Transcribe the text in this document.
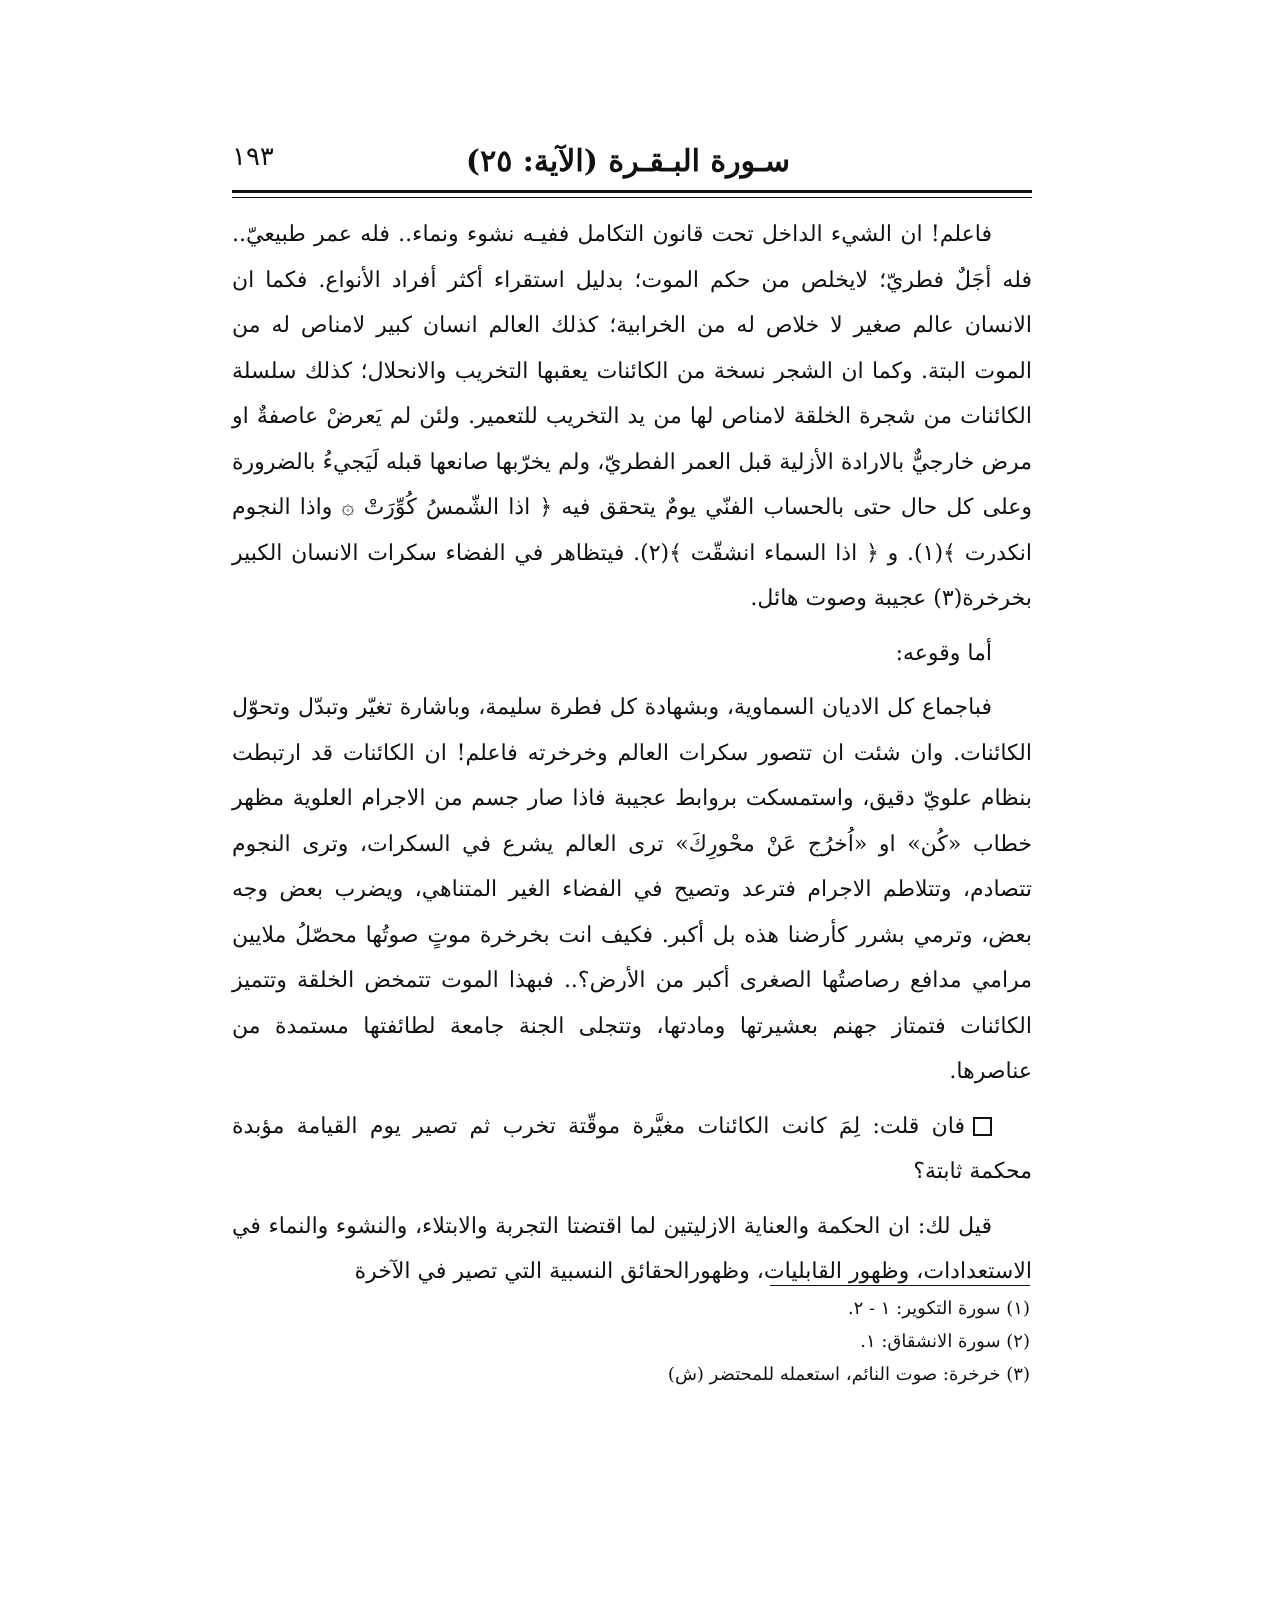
١٩٣	سـورة البـقـرة (الآية: ٢٥)

فاعلم! ان الشيء الداخل تحت قانون التكامل ففيـه نشوء ونماء.. فله عمر طبيعيّ.. فله أجَلٌ فطريّ؛ لايخلص من حكم الموت؛ بدليل استقراء أكثر أفراد الأنواع. فكما ان الانسان عالم صغير لا خلاص له من الخرابية؛ كذلك العالم انسان كبير لامناص له من الموت البتة. وكما ان الشجر نسخة من الكائنات يعقبها التخريب والانحلال؛ كذلك سلسلة الكائنات من شجرة الخلقة لامناص لها من يد التخريب للتعمير. ولئن لم يَعرضْ عاصفةٌ او مرض خارجيٌّ بالارادة الأزلية قبل العمر الفطريّ، ولم يخرّبها صانعها قبله لَيَجيءُ بالضرورة وعلى كل حال حتى بالحساب الفنّي يومٌ يتحقق فيه ﴿ اذا الشّمسُ كُوِّرَتْ ۞ واذا النجوم انكدرت ﴾(١). و ﴿ اذا السماء انشقّت ﴾(٢). فيتظاهر في الفضاء سكرات الانسان الكبير بخرخرة(٣) عجيبة وصوت هائل.

أما وقوعه:

فباجماع كل الاديان السماوية، وبشهادة كل فطرة سليمة، وباشارة تغيّر وتبدّل وتحوّل الكائنات. وان شئت ان تتصور سكرات العالم وخرخرته فاعلم! ان الكائنات قد ارتبطت بنظام علويّ دقيق، واستمسكت بروابط عجيبة فاذا صار جسم من الاجرام العلوية مظهر خطاب «كُن» او «اُخرُج عَنْ محْورِكَ» ترى العالم يشرع في السكرات، وترى النجوم تتصادم، وتتلاطم الاجرام فترعد وتصيح في الفضاء الغير المتناهي، ويضرب بعض وجه بعض، وترمي بشرر كأرضنا هذه بل أكبر. فكيف انت بخرخرة موتٍ صوتُها محصّلُ ملايين مرامي مدافع رصاصتُها الصغرى أكبر من الأرض؟.. فبهذا الموت تتمخض الخلقة وتتميز الكائنات فتمتاز جهنم بعشيرتها ومادتها، وتتجلى الجنة جامعة لطائفتها مستمدة من عناصرها.

فان قلت: لِمَ كانت الكائنات مغيَّرة موقّتة تخرب ثم تصير يوم القيامة مؤبدة محكمة ثابتة؟

قيل لك: ان الحكمة والعناية الازليتين لما اقتضتا التجربة والابتلاء، والنشوء والنماء في الاستعدادات، وظهور القابليات، وظهورالحقائق النسبية التي تصير في الآخرة

(١) سورة التكوير: ١ - ٢.
(٢) سورة الانشقاق: ١.
(٣) خرخرة: صوت النائم، استعمله للمحتضر (ش)
